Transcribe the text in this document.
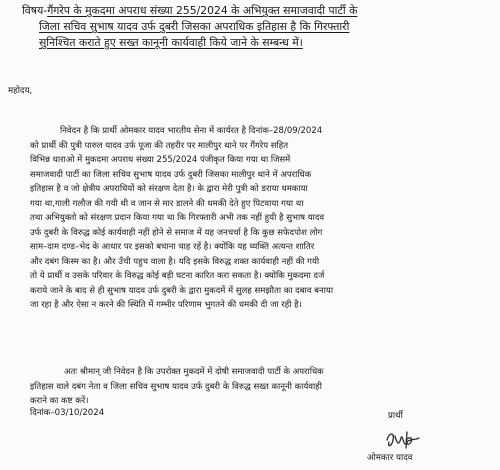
विषय-गैंगरेप के मुकदमा अपराध संख्या 255/2024 के अभियुक्त समाजवादी पार्टी के
जिला सचिव सुभाष यादव उर्फ दुबरी जिसका अपराधिक इतिहास है कि गिरफ्तारी
सुनिश्चित कराते हुए सख्त कानूनी कार्यवाही किये जाने के सम्बन्ध में।
महोदय,
निवेदन है कि प्रार्थी ओमकार यादव भारतीय सेना में कार्यरत है दिनांक–28/09/2024
को प्रार्थी की पुत्री पारुल यादव उर्फ पूजा की तहरीर पर मालीपुर थाने पर गैंगरेप सहित
विभिन्न धाराओ में मुकदमा अपराध संख्या 255/2024 पंजीकृत किया गया था जिसमें
समाजवादी पार्टी का जिला सचिव सुभाष यादव उर्फ दुबरी जिसका मालीपुर थाने में अपराधिक
इतिहास है व जो क्षेत्रीय अपराधियों को संरक्षण देता है। के द्वारा मेरी पुत्री को डराया धमकाया
गया था,गाली गलौज की गयी थी व जान से मार डालने की धमकी देते हुए पिटवाया गया था
तथा अभियुक्तो को संरक्षण प्रदान किया गया था कि गिरफ्तारी अभी तक नहीं हुयी है सुभाष यादव
उर्फ दुबरी के विरुद्ध कोई कार्यवाही नहीं होने से समाज में यह जनचर्चा है कि कुछ सफेदपोश लोग
साम–दाम दण्ड–भेद के आधार पर इसको बचाना चाह रहें है। क्योंकि यह व्यक्ति अत्यन्त शातिर
और दबंग किस्म का है। और उँची पहुच वाला है। यदि इसके विरुद्ध शक्त कार्यवाही नहीं की गयी
तो ये प्रार्थी व उसके परिवार के विरुद्ध कोई बड़ी घटना कारित करा सकता है। क्योकि मुकदमा दर्ज
कराये जाने के बाद से ही सुभाष यादव उर्फ दुबरी के द्वारा मुकदमें में सुलह समझौता का दबाव बनाया
जा रहा है और ऐसा न करने की स्थिति में गम्भीर परिणाम भुगतने की धमकी दी जा रही है।
अतः श्रीमान् जी निवेदन है कि उपरोक्त मुकदमें में दोषी समाजवादी पार्टी के अपराधिक
इतिहास वाले दबंग नेता व जिला सचिव सुभाष यादव उर्फ दुबरी के विरुद्ध सख्त कानूनी कार्यवाही
कराने का कष्ट करें।
दिनांक–03/10/2024	प्रार्थी
ओमकार यादव
